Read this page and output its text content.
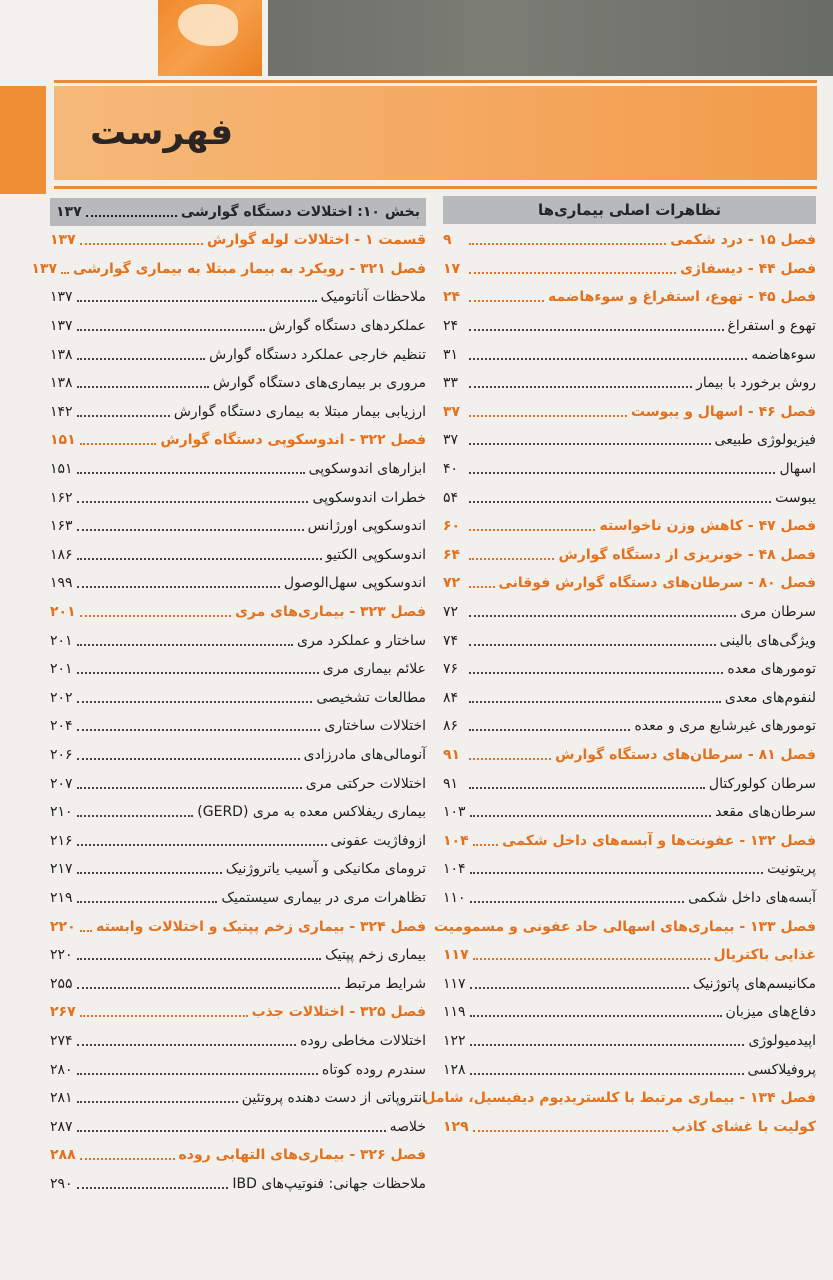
فهرست
تظاهرات اصلی بیماری‌ها
فصل ۱۵ - درد شکمی
۹
فصل ۴۴ - دیسفاژی
۱۷
فصل ۴۵ - تهوع، استفراغ و سوءهاضمه
۲۴
تهوع و استفراغ
۲۴
سوءهاضمه
۳۱
روش برخورد با بیمار
۳۳
فصل ۴۶ - اسهال و یبوست
۳۷
فیزیولوژی طبیعی
۳۷
اسهال
۴۰
یبوست
۵۴
فصل ۴۷ - کاهش وزن ناخواسته
۶۰
فصل ۴۸ - خونریزی از دستگاه گوارش
۶۴
فصل ۸۰ - سرطان‌های دستگاه گوارش فوقانی
۷۲
سرطان مری
۷۲
ویژگی‌های بالینی
۷۴
تومورهای معده
۷۶
لنفوم‌های معدی
۸۴
تومورهای غیرشایع مری و معده
۸۶
فصل ۸۱ - سرطان‌های دستگاه گوارش
۹۱
سرطان کولورکتال
۹۱
سرطان‌های مقعد
۱۰۳
فصل ۱۳۲ - عفونت‌ها و آبسه‌های داخل شکمی
۱۰۴
پریتونیت
۱۰۴
آبسه‌های داخل شکمی
۱۱۰
فصل ۱۳۳ - بیماری‌های اسهالی حاد عفونی و مسمومیت
غذایی باکتریال
۱۱۷
مکانیسم‌های پاتوژنیک
۱۱۷
دفاع‌های میزبان
۱۱۹
اپیدمیولوژی
۱۲۲
پروفیلاکسی
۱۲۸
فصل ۱۳۴ - بیماری مرتبط با کلستریدیوم دیفیسیل، شامل
کولیت با غشای کاذب
۱۲۹
بخش ۱۰: اختلالات دستگاه گوارشی
۱۳۷
قسمت ۱ - اختلالات لوله گوارش
۱۳۷
فصل ۳۲۱ - رویکرد به بیمار مبتلا به بیماری گوارشی
۱۳۷
ملاحظات آناتومیک
۱۳۷
عملکردهای دستگاه گوارش
۱۳۷
تنظیم خارجی عملکرد دستگاه گوارش
۱۳۸
مروری بر بیماری‌های دستگاه گوارش
۱۳۸
ارزیابی بیمار مبتلا به بیماری دستگاه گوارش
۱۴۲
فصل ۳۲۲ - اندوسکوپی دستگاه گوارش
۱۵۱
ابزارهای اندوسکوپی
۱۵۱
خطرات اندوسکوپی
۱۶۲
اندوسکوپی اورژانس
۱۶۳
اندوسکوپی الکتیو
۱۸۶
اندوسکوپی سهل‌الوصول
۱۹۹
فصل ۳۲۳ - بیماری‌های مری
۲۰۱
ساختار و عملکرد مری
۲۰۱
علائم بیماری مری
۲۰۱
مطالعات تشخیصی
۲۰۲
اختلالات ساختاری
۲۰۴
آنومالی‌های مادرزادی
۲۰۶
اختلالات حرکتی مری
۲۰۷
بیماری ریفلاکس معده به مری (GERD)
۲۱۰
ازوفاژیت عفونی
۲۱۶
ترومای مکانیکی و آسیب یاتروژنیک
۲۱۷
تظاهرات مری در بیماری سیستمیک
۲۱۹
فصل ۳۲۴ - بیماری زخم پپتیک و اختلالات وابسته
۲۲۰
بیماری زخم پپتیک
۲۲۰
شرایط مرتبط
۲۵۵
فصل ۳۲۵ - اختلالات جذب
۲۶۷
اختلالات مخاطی روده
۲۷۴
سندرم روده کوتاه
۲۸۰
انتروپاتی از دست دهنده پروتئین
۲۸۱
خلاصه
۲۸۷
فصل ۳۲۶ - بیماری‌های التهابی روده
۲۸۸
ملاحظات جهانی: فنوتیپ‌های IBD
۲۹۰
